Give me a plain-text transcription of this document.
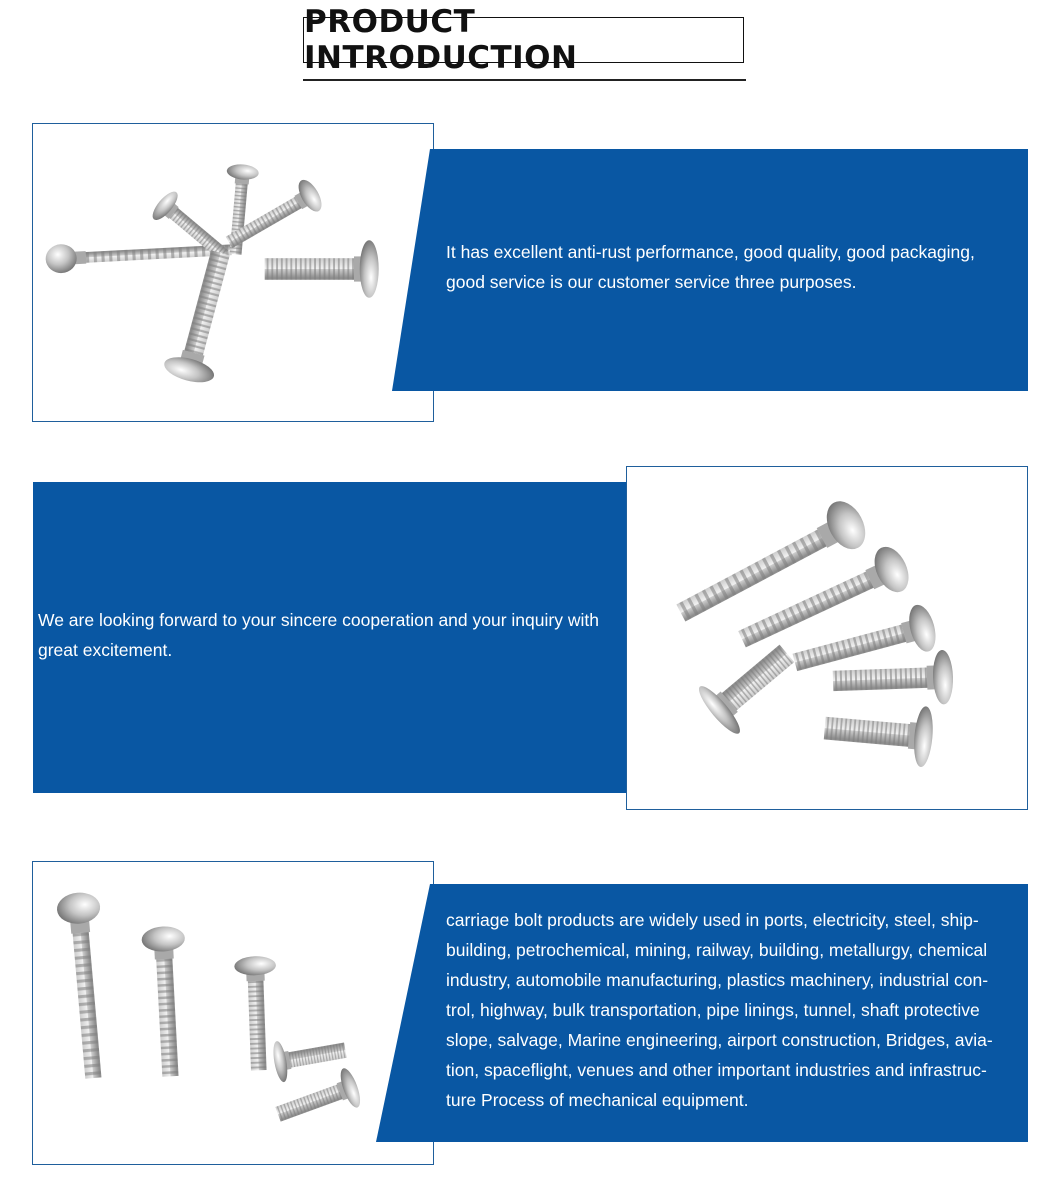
PRODUCT INTRODUCTION
It has excellent anti-rust performance, good quality, good packaging, good service is our customer service three purposes.
We are looking forward to your sincere cooperation and your inquiry with great excitement.
carriage bolt products are widely used in ports, electricity, steel, ship-building, petrochemical, mining, railway, building, metallurgy, chemical industry, automobile manufacturing, plastics machinery, industrial con-trol, highway, bulk transportation, pipe linings, tunnel, shaft protective slope, salvage, Marine engineering, airport construction, Bridges, avia-tion, spaceflight, venues and other important industries and infrastruc-ture Process of mechanical equipment.
